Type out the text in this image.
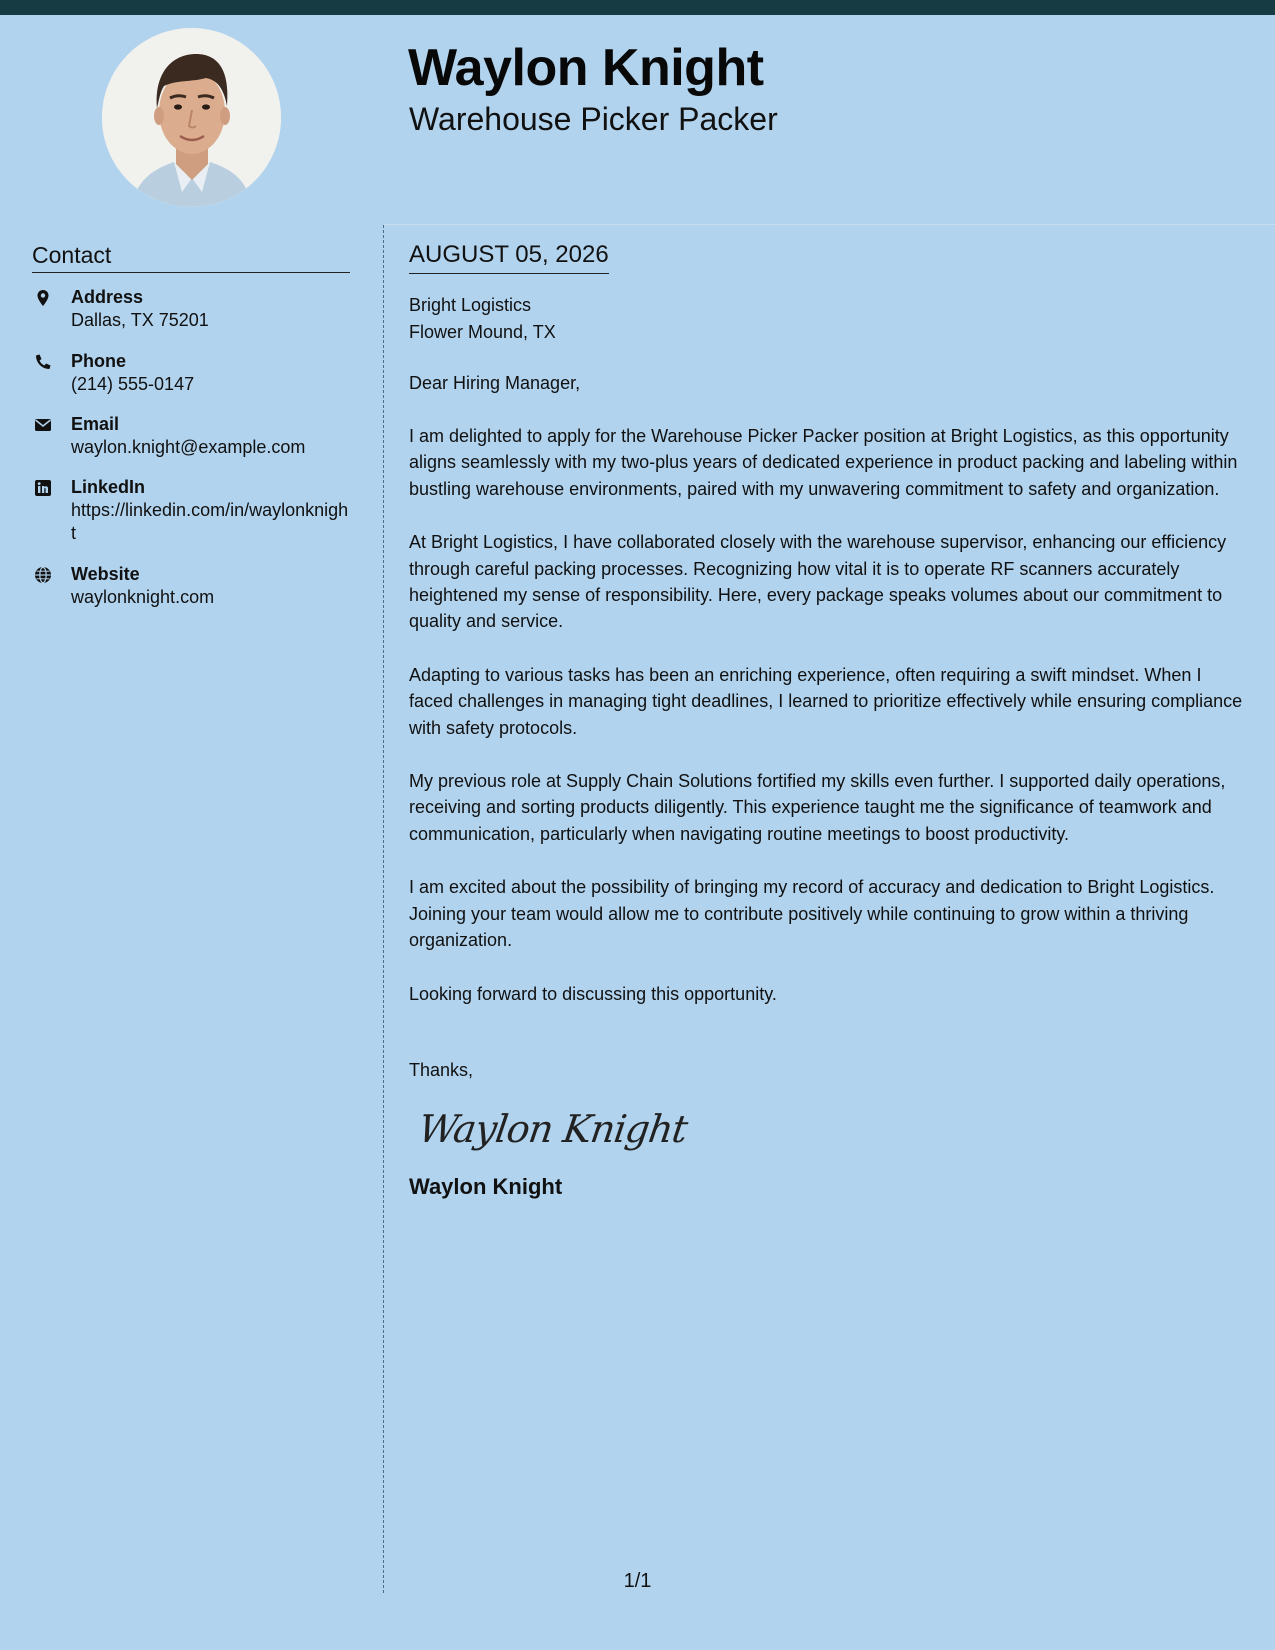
Waylon Knight
Warehouse Picker Packer
Contact
Address
Dallas, TX 75201
Phone
(214) 555-0147
Email
waylon.knight@example.com
LinkedIn
https://linkedin.com/in/waylonknight
Website
waylonknight.com
AUGUST 05, 2026
Bright Logistics
Flower Mound, TX
Dear Hiring Manager,
I am delighted to apply for the Warehouse Picker Packer position at Bright Logistics, as this opportunity aligns seamlessly with my two-plus years of dedicated experience in product packing and labeling within bustling warehouse environments, paired with my unwavering commitment to safety and organization.
At Bright Logistics, I have collaborated closely with the warehouse supervisor, enhancing our efficiency through careful packing processes. Recognizing how vital it is to operate RF scanners accurately heightened my sense of responsibility. Here, every package speaks volumes about our commitment to quality and service.
Adapting to various tasks has been an enriching experience, often requiring a swift mindset. When I faced challenges in managing tight deadlines, I learned to prioritize effectively while ensuring compliance with safety protocols.
My previous role at Supply Chain Solutions fortified my skills even further. I supported daily operations, receiving and sorting products diligently. This experience taught me the significance of teamwork and communication, particularly when navigating routine meetings to boost productivity.
I am excited about the possibility of bringing my record of accuracy and dedication to Bright Logistics. Joining your team would allow me to contribute positively while continuing to grow within a thriving organization.
Looking forward to discussing this opportunity.
Thanks,
Waylon Knight
Waylon Knight
1/1
